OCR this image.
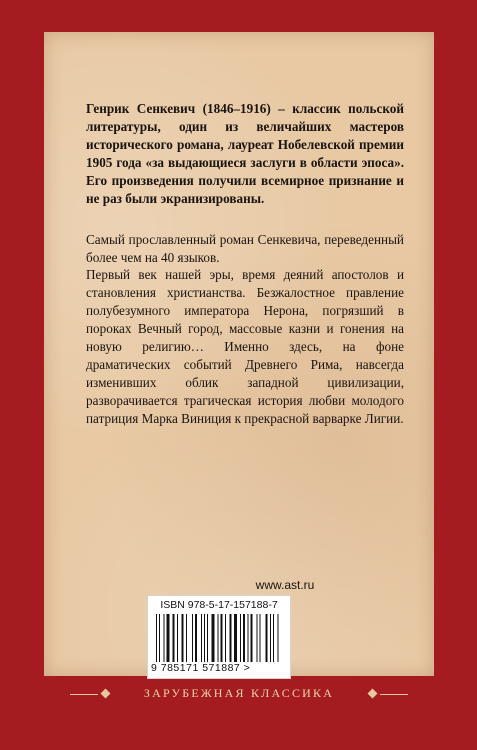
Генрик Сенкевич (1846–1916) – классик польской литературы, один из величайших мастеров исторического романа, лауреат Нобелевской премии 1905 года «за выдающиеся заслуги в области эпоса». Его произведения получили всемирное признание и не раз были экранизированы.

Самый прославленный роман Сенкевича, переведенный более чем на 40 языков.

Первый век нашей эры, время деяний апостолов и становления христианства. Безжалостное правление полубезумного императора Нерона, погрязший в пороках Вечный город, массовые казни и гонения на новую религию… Именно здесь, на фоне драматических событий Древнего Рима, навсегда изменивших облик западной цивилизации, разворачивается трагическая история любви молодого патриция Марка Виниция к прекрасной варварке Лигии.

www.ast.ru
ISBN 978-5-17-157188-7
9 785171 571887 >
ЗАРУБЕЖНАЯ КЛАССИКА
